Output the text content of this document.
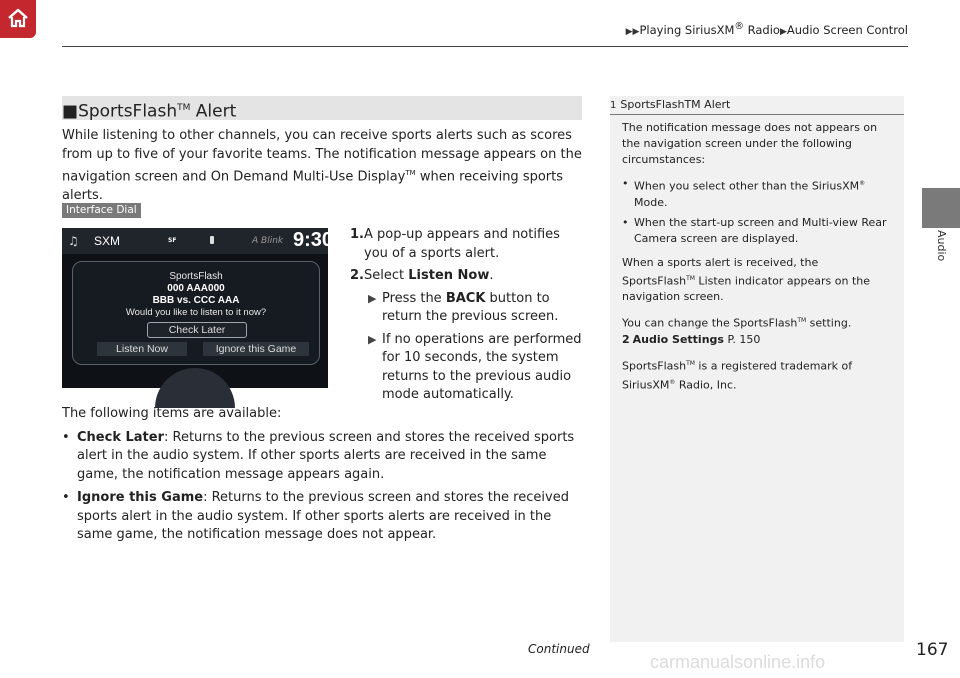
▶▶Playing SiriusXM® Radio▶Audio Screen Control
Audio
■SportsFlash™ Alert
While listening to other channels, you can receive sports alerts such as scores from up to five of your favorite teams. The notification message appears on the navigation screen and On Demand Multi-Use Display™ when receiving sports alerts.
Interface Dial
♫ SXM	SF	A Blink 9:30
SportsFlash
000 AAA000
BBB vs. CCC AAA
Would you like to listen to it now?
Check Later
Listen Now	Ignore this Game
1. A pop-up appears and notifies you of a sports alert.
2. Select Listen Now.
▶ Press the BACK button to return the previous screen.
▶ If no operations are performed for 10 seconds, the system returns to the previous audio mode automatically.
The following items are available:
• Check Later: Returns to the previous screen and stores the received sports alert in the audio system. If other sports alerts are received in the same game, the notification message appears again.
• Ignore this Game: Returns to the previous screen and stores the received sports alert in the audio system. If other sports alerts are received in the same game, the notification message does not appear.
1 SportsFlashTM Alert

The notification message does not appears on the navigation screen under the following circumstances:

• When you select other than the SiriusXM® Mode.
• When the start-up screen and Multi-view Rear Camera screen are displayed.

When a sports alert is received, the SportsFlash™ Listen indicator appears on the navigation screen.

You can change the SportsFlash™ setting.

2 Audio Settings P. 150

SportsFlash™ is a registered trademark of SiriusXM® Radio, Inc.

Continued	167
carmanualsonline.info
